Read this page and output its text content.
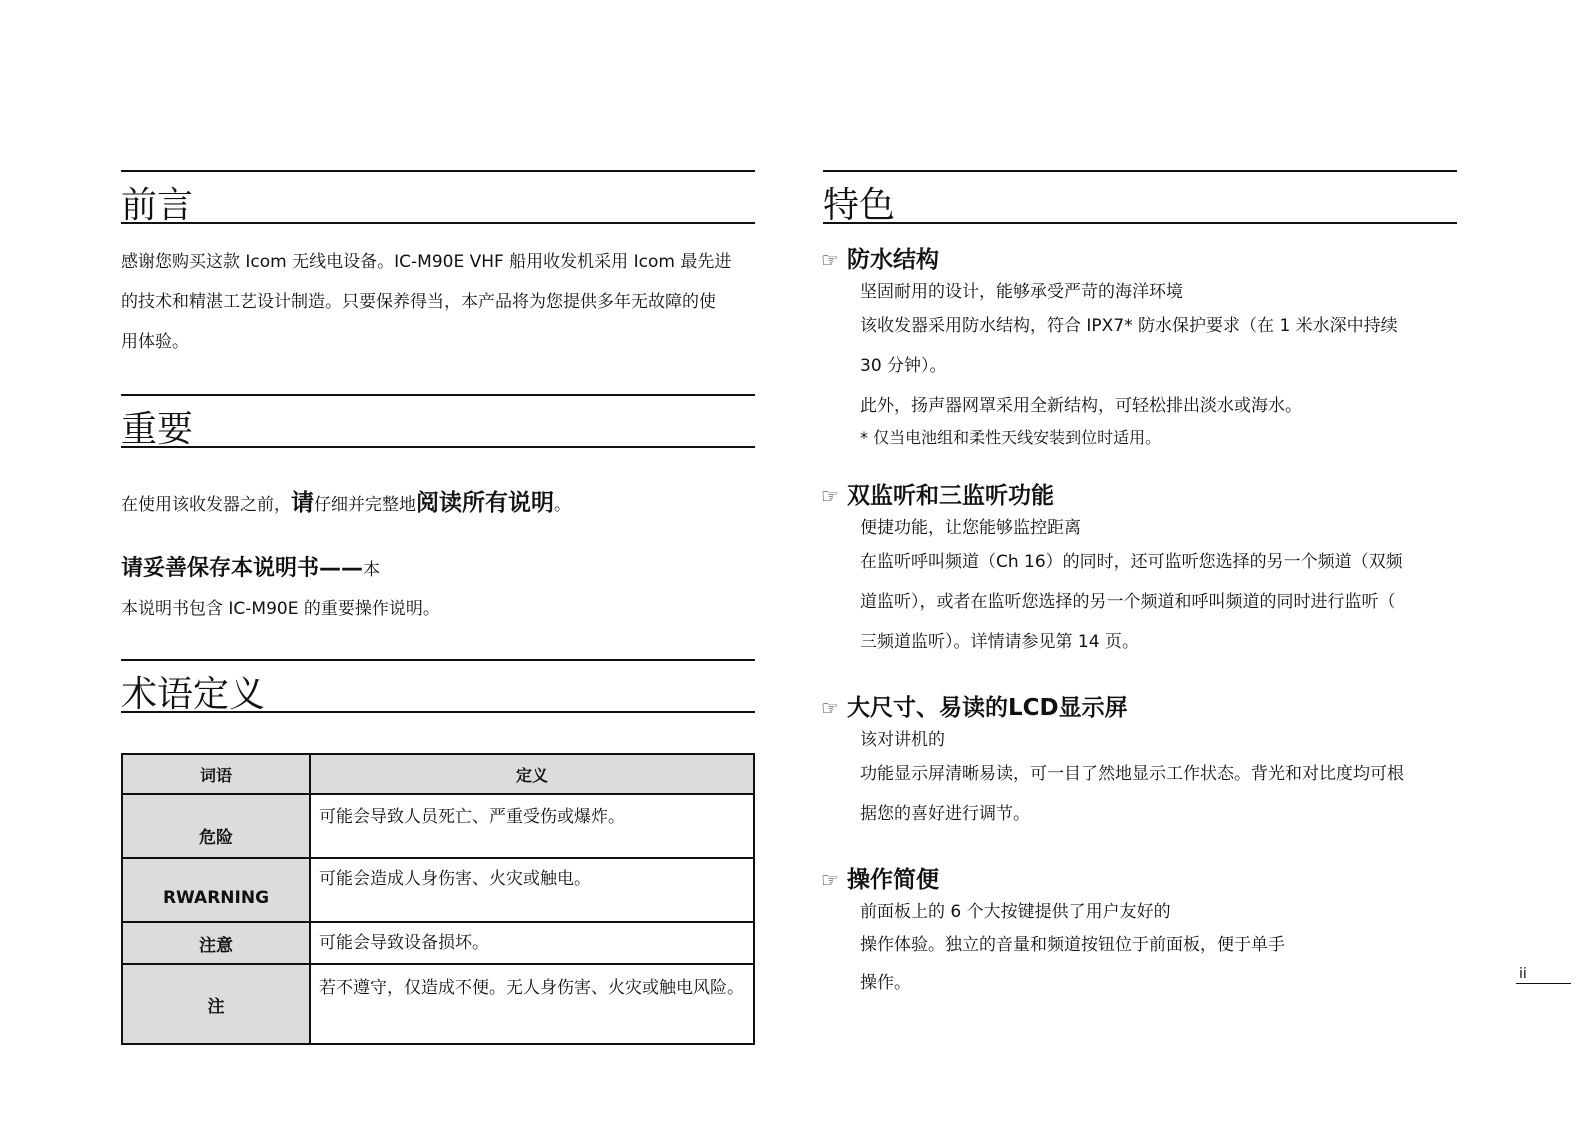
前言

感谢您购买这款 Icom 无线电设备。IC-M90E VHF 船用收发机采用 Icom 最先进

的技术和精湛工艺设计制造。只要保养得当，本产品将为您提供多年无故障的使

用体验。

重要
在使用该收发器之前，请仔细并完整地阅读所有说明。
请妥善保存本说明书——本
本说明书包含 IC-M90E 的重要操作说明。
术语定义
词语	定义
危险	可能会导致人员死亡、严重受伤或爆炸。
RWARNING	可能会造成人身伤害、火灾或触电。
注意	可能会导致设备损坏。
注	若不遵守，仅造成不便。无人身伤害、火灾或触电风险。
特色
☞ 防水结构
坚固耐用的设计，能够承受严苛的海洋环境
该收发器采用防水结构，符合 IPX7* 防水保护要求（在 1 米水深中持续
30 分钟）。
此外，扬声器网罩采用全新结构，可轻松排出淡水或海水。
* 仅当电池组和柔性天线安装到位时适用。
☞ 双监听和三监听功能
便捷功能，让您能够监控距离
在监听呼叫频道（Ch 16）的同时，还可监听您选择的另一个频道（双频
道监听），或者在监听您选择的另一个频道和呼叫频道的同时进行监听（
三频道监听）。详情请参见第 14 页。
☞ 大尺寸、易读的LCD显示屏
该对讲机的
功能显示屏清晰易读，可一目了然地显示工作状态。背光和对比度均可根
据您的喜好进行调节。
☞ 操作简便
前面板上的 6 个大按键提供了用户友好的
操作体验。独立的音量和频道按钮位于前面板，便于单手
操作。	ii
